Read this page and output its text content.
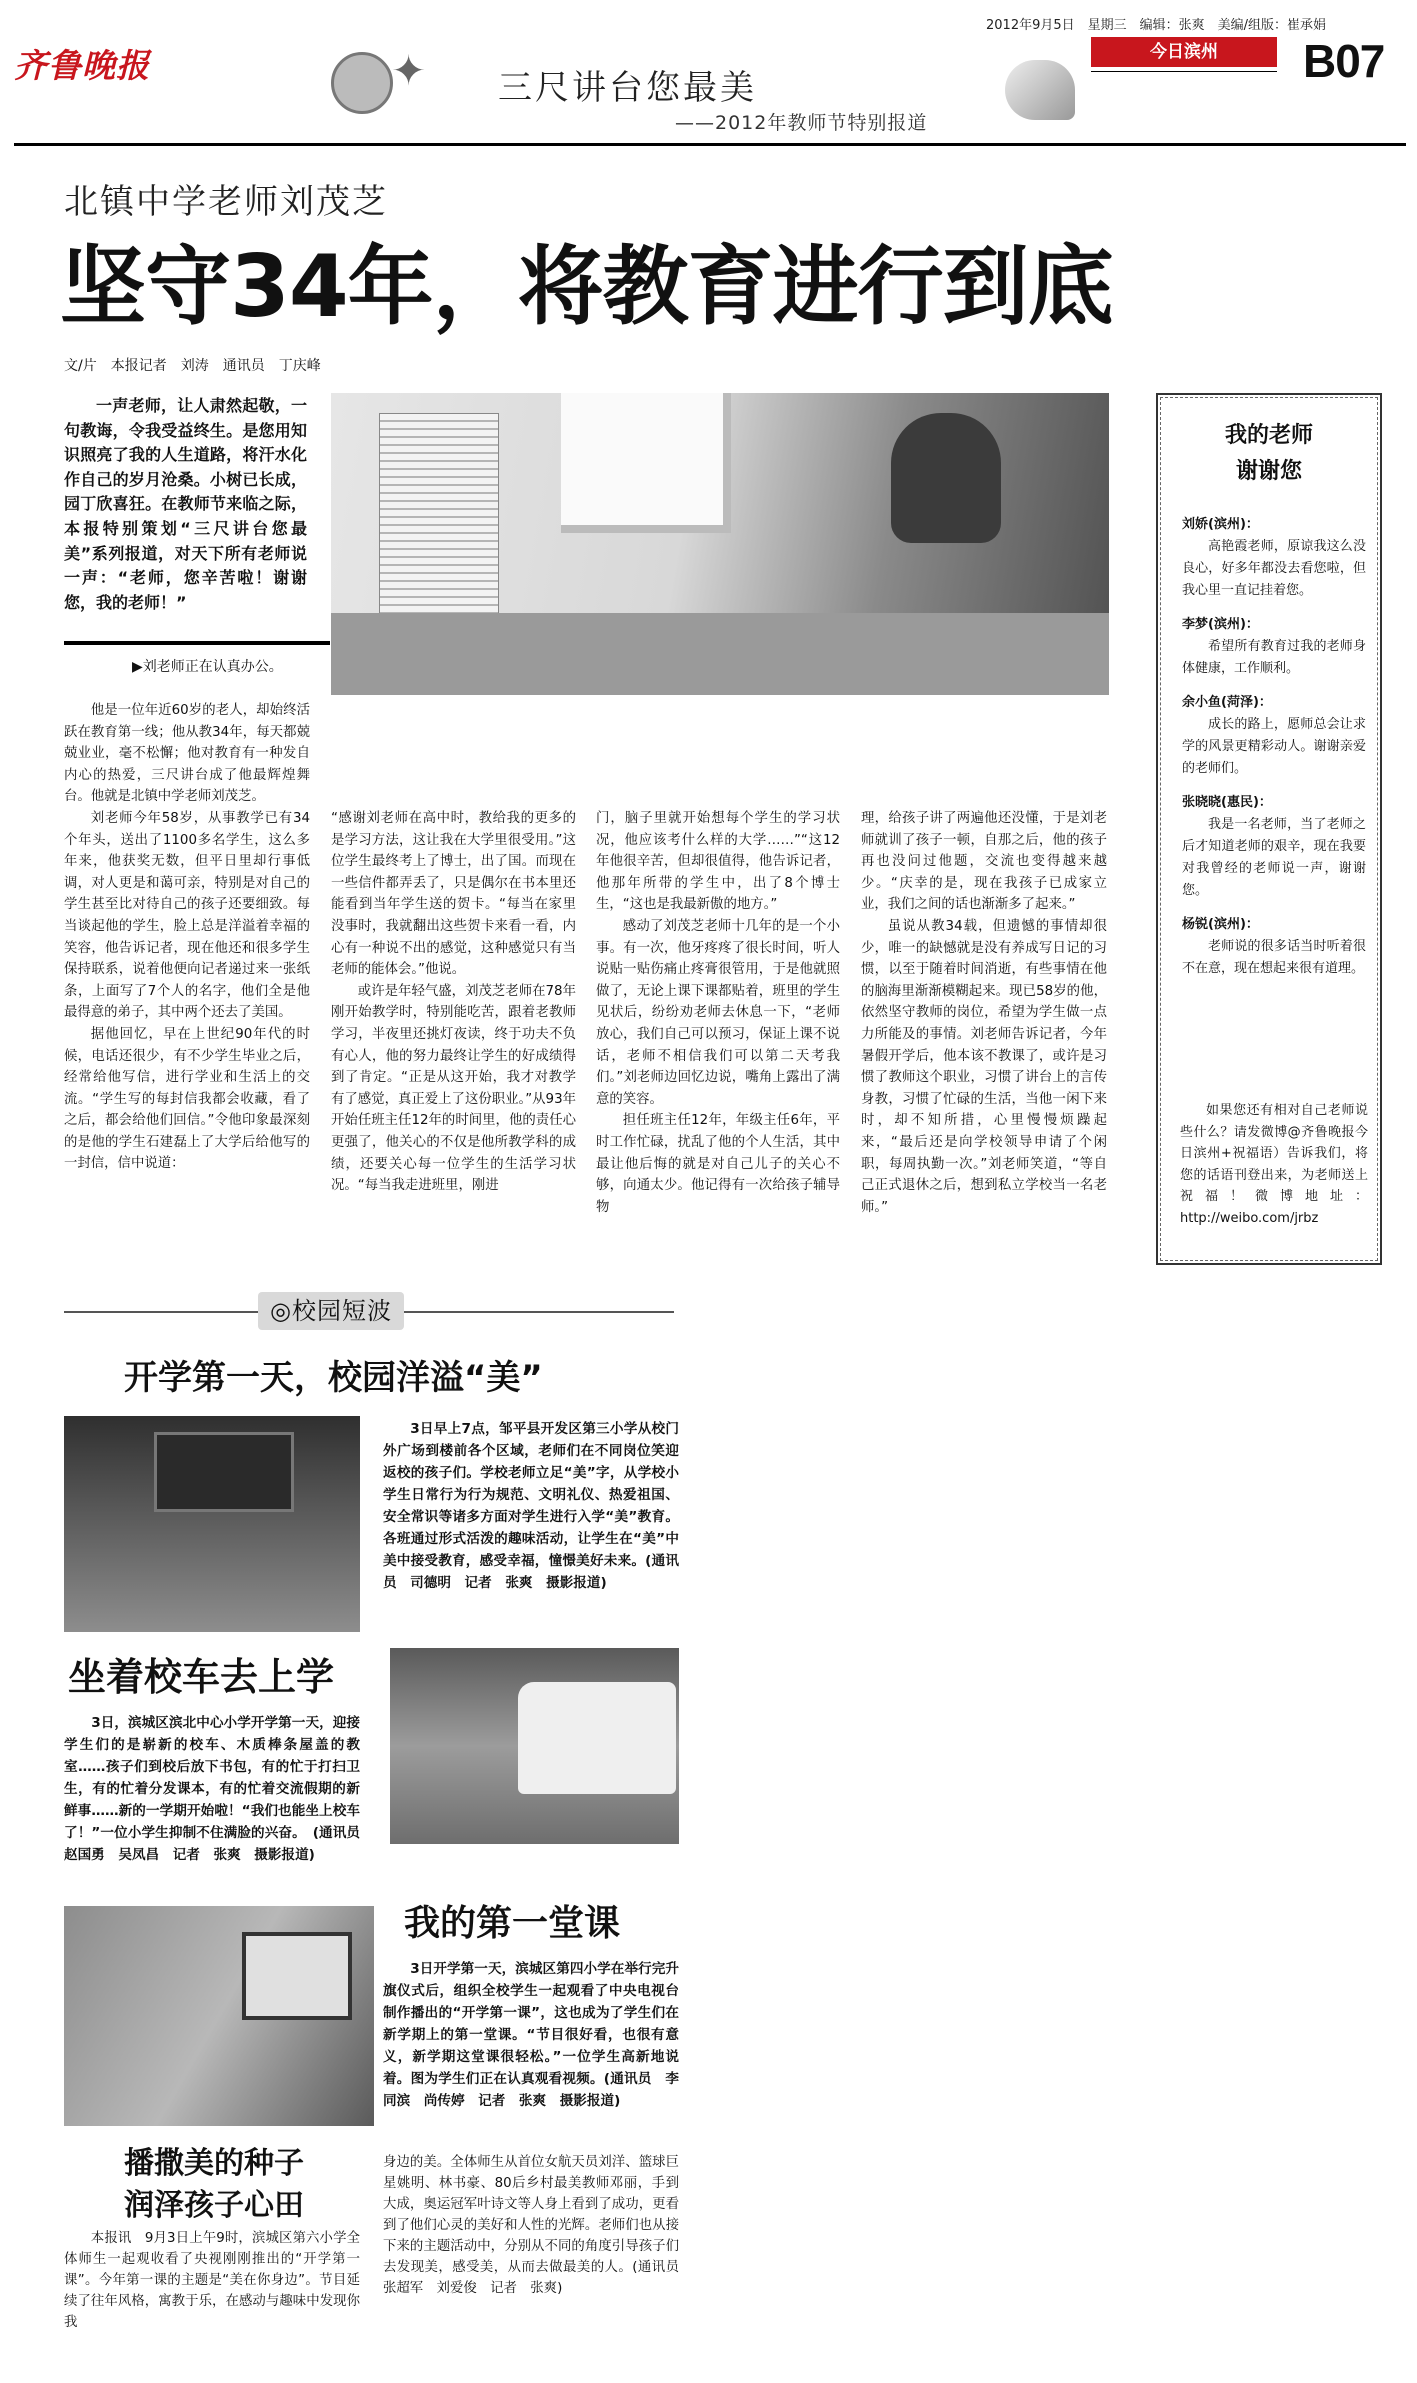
齐鲁晚报
2012年9月5日　星期三　编辑：张爽　美编/组版：崔承娟
✦ 三尺讲台您最美
——2012年教师节特别报道
今日滨州	B07
北镇中学老师刘茂芝
坚守34年，将教育进行到底
文/片　本报记者　刘涛　通讯员　丁庆峰
一声老师，让人肃然起敬，一句教诲，令我受益终生。是您用知识照亮了我的人生道路，将汗水化作自己的岁月沧桑。小树已长成，园丁欣喜狂。在教师节来临之际，本报特别策划“三尺讲台您最美”系列报道，对天下所有老师说一声：“老师，您辛苦啦！谢谢您，我的老师！”
▶刘老师正在认真办公。

他是一位年近60岁的老人，却始终活跃在教育第一线；他从教34年，每天都兢兢业业，毫不松懈；他对教育有一种发自内心的热爱，三尺讲台成了他最辉煌舞台。他就是北镇中学老师刘茂芝。

刘老师今年58岁，从事教学已有34个年头，送出了1100多名学生，这么多年来，他获奖无数，但平日里却行事低调，对人更是和蔼可亲，特别是对自己的学生甚至比对待自己的孩子还要细致。每当谈起他的学生，脸上总是洋溢着幸福的笑容，他告诉记者，现在他还和很多学生保持联系，说着他便向记者递过来一张纸条，上面写了7个人的名字，他们全是他最得意的弟子，其中两个还去了美国。

据他回忆，早在上世纪90年代的时候，电话还很少，有不少学生毕业之后，经常给他写信，进行学业和生活上的交流。“学生写的每封信我都会收藏，看了之后，都会给他们回信。”令他印象最深刻的是他的学生石建磊上了大学后给他写的一封信，信中说道：

“感谢刘老师在高中时，教给我的更多的是学习方法，这让我在大学里很受用。”这位学生最终考上了博士，出了国。而现在一些信件都弄丢了，只是偶尔在书本里还能看到当年学生送的贺卡。“每当在家里没事时，我就翻出这些贺卡来看一看，内心有一种说不出的感觉，这种感觉只有当老师的能体会。”他说。

或许是年轻气盛，刘茂芝老师在78年刚开始教学时，特别能吃苦，跟着老教师学习，半夜里还挑灯夜读，终于功夫不负有心人，他的努力最终让学生的好成绩得到了肯定。“正是从这开始，我才对教学有了感觉，真正爱上了这份职业。”从93年开始任班主任12年的时间里，他的责任心更强了，他关心的不仅是他所教学科的成绩，还要关心每一位学生的生活学习状况。“每当我走进班里，刚进

门，脑子里就开始想每个学生的学习状况，他应该考什么样的大学……”“这12年他很辛苦，但却很值得，他告诉记者，他那年所带的学生中，出了8个博士生，“这也是我最新傲的地方。”

感动了刘茂芝老师十几年的是一个小事。有一次，他牙疼疼了很长时间，听人说贴一贴伤痛止疼膏很管用，于是他就照做了，无论上课下课都贴着，班里的学生见状后，纷纷劝老师去休息一下，“老师放心，我们自己可以预习，保证上课不说话，老师不相信我们可以第二天考我们。”刘老师边回忆边说，嘴角上露出了满意的笑容。

担任班主任12年，年级主任6年，平时工作忙碌，扰乱了他的个人生活，其中最让他后悔的就是对自己儿子的关心不够，向通太少。他记得有一次给孩子辅导物

理，给孩子讲了两遍他还没懂，于是刘老师就训了孩子一顿，自那之后，他的孩子再也没问过他题，交流也变得越来越少。“庆幸的是，现在我孩子已成家立业，我们之间的话也渐渐多了起来。”

虽说从教34载，但遗憾的事情却很少，唯一的缺憾就是没有养成写日记的习惯，以至于随着时间消逝，有些事情在他的脑海里渐渐模糊起来。现已58岁的他，依然坚守教师的岗位，希望为学生做一点力所能及的事情。刘老师告诉记者，今年暑假开学后，他本该不教课了，或许是习惯了教师这个职业，习惯了讲台上的言传身教，习惯了忙碌的生活，当他一闲下来时，却不知所措，心里慢慢烦躁起来，“最后还是向学校领导申请了个闲职，每周执勤一次。”刘老师笑道，“等自己正式退休之后，想到私立学校当一名老师。”

我的老师
谢谢您
刘娇(滨州)：
高艳霞老师，原谅我这么没良心，好多年都没去看您啦，但我心里一直记挂着您。
李梦(滨州)：
希望所有教育过我的老师身体健康，工作顺利。
余小鱼(菏泽)：
成长的路上，愿师总会让求学的风景更精彩动人。谢谢亲爱的老师们。
张晓晓(惠民)：
我是一名老师，当了老师之后才知道老师的艰辛，现在我要对我曾经的老师说一声，谢谢您。
杨锐(滨州)：
老师说的很多话当时听着很不在意，现在想起来很有道理。
如果您还有相对自己老师说些什么？请发微博@齐鲁晚报今日滨州+祝福语）告诉我们，将您的话语刊登出来，为老师送上祝福！微博地址：http://weibo.com/jrbz
◎校园短波
开学第一天，校园洋溢“美”
3日早上7点，邹平县开发区第三小学从校门外广场到楼前各个区域，老师们在不同岗位笑迎返校的孩子们。学校老师立足“美”字，从学校小学生日常行为行为规范、文明礼仪、热爱祖国、安全常识等诸多方面对学生进行入学“美”教育。各班通过形式活泼的趣味活动，让学生在“美”中美中接受教育，感受幸福，憧憬美好未来。(通讯员　司德明　记者　张爽　摄影报道)
坐着校车去上学
3日，滨城区滨北中心小学开学第一天，迎接学生们的是崭新的校车、木质棒条屋盖的教室……孩子们到校后放下书包，有的忙于打扫卫生，有的忙着分发课本，有的忙着交流假期的新鲜事……新的一学期开始啦！“我们也能坐上校车了！”一位小学生抑制不住满脸的兴奋。　(通讯员　赵国勇　吴凤昌　记者　张爽　摄影报道)
我的第一堂课
3日开学第一天，滨城区第四小学在举行完升旗仪式后，组织全校学生一起观看了中央电视台制作播出的“开学第一课”，这也成为了学生们在新学期上的第一堂课。“节目很好看，也很有意义，新学期这堂课很轻松。”一位学生高新地说着。图为学生们正在认真观看视频。(通讯员　李同滨　尚传婷　记者　张爽　摄影报道)
播撒美的种子
润泽孩子心田
本报讯　9月3日上午9时，滨城区第六小学全体师生一起观收看了央视刚刚推出的“开学第一课”。今年第一课的主题是“美在你身边”。节目延续了往年风格，寓教于乐，在感动与趣味中发现你我
身边的美。全体师生从首位女航天员刘洋、篮球巨星姚明、林书豪、80后乡村最美教师邓丽，手到大成，奥运冠军叶诗文等人身上看到了成功，更看到了他们心灵的美好和人性的光辉。老师们也从接下来的主题活动中，分别从不同的角度引导孩子们去发现美，感受美，从而去做最美的人。(通讯员　张超军　刘爱俊　记者　张爽)
